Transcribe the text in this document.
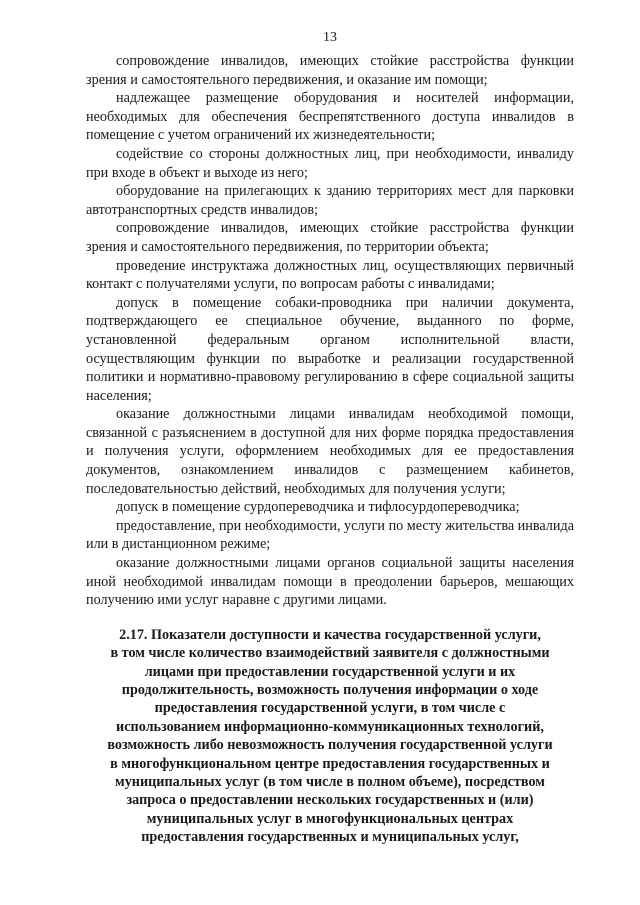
13

сопровождение инвалидов, имеющих стойкие расстройства функции зрения и самостоятельного передвижения, и оказание им помощи;

надлежащее размещение оборудования и носителей информации, необходимых для обеспечения беспрепятственного доступа инвалидов в помещение с учетом ограничений их жизнедеятельности;

содействие со стороны должностных лиц, при необходимости, инвалиду при входе в объект и выходе из него;

оборудование на прилегающих к зданию территориях мест для парковки автотранспортных средств инвалидов;

сопровождение инвалидов, имеющих стойкие расстройства функции зрения и самостоятельного передвижения, по территории объекта;

проведение инструктажа должностных лиц, осуществляющих первичный контакт с получателями услуги, по вопросам работы с инвалидами;

допуск в помещение собаки-проводника при наличии документа, подтверждающего ее специальное обучение, выданного по форме, установленной федеральным органом исполнительной власти, осуществляющим функции по выработке и реализации государственной политики и нормативно-правовому регулированию в сфере социальной защиты населения;

оказание должностными лицами инвалидам необходимой помощи, связанной с разъяснением в доступной для них форме порядка предоставления и получения услуги, оформлением необходимых для ее предоставления документов, ознакомлением инвалидов с размещением кабинетов, последовательностью действий, необходимых для получения услуги;

допуск в помещение сурдопереводчика и тифлосурдопереводчика;

предоставление, при необходимости, услуги по месту жительства инвалида или в дистанционном режиме;

оказание должностными лицами органов социальной защиты населения иной необходимой инвалидам помощи в преодолении барьеров, мешающих получению ими услуг наравне с другими лицами.

2.17. Показатели доступности и качества государственной услуги,
в том числе количество взаимодействий заявителя с должностными
лицами при предоставлении государственной услуги и их
продолжительность, возможность получения информации о ходе
предоставления государственной услуги, в том числе с
использованием информационно-коммуникационных технологий,
возможность либо невозможность получения государственной услуги
в многофункциональном центре предоставления государственных и
муниципальных услуг (в том числе в полном объеме), посредством
запроса о предоставлении нескольких государственных и (или)
муниципальных услуг в многофункциональных центрах
предоставления государственных и муниципальных услуг,
